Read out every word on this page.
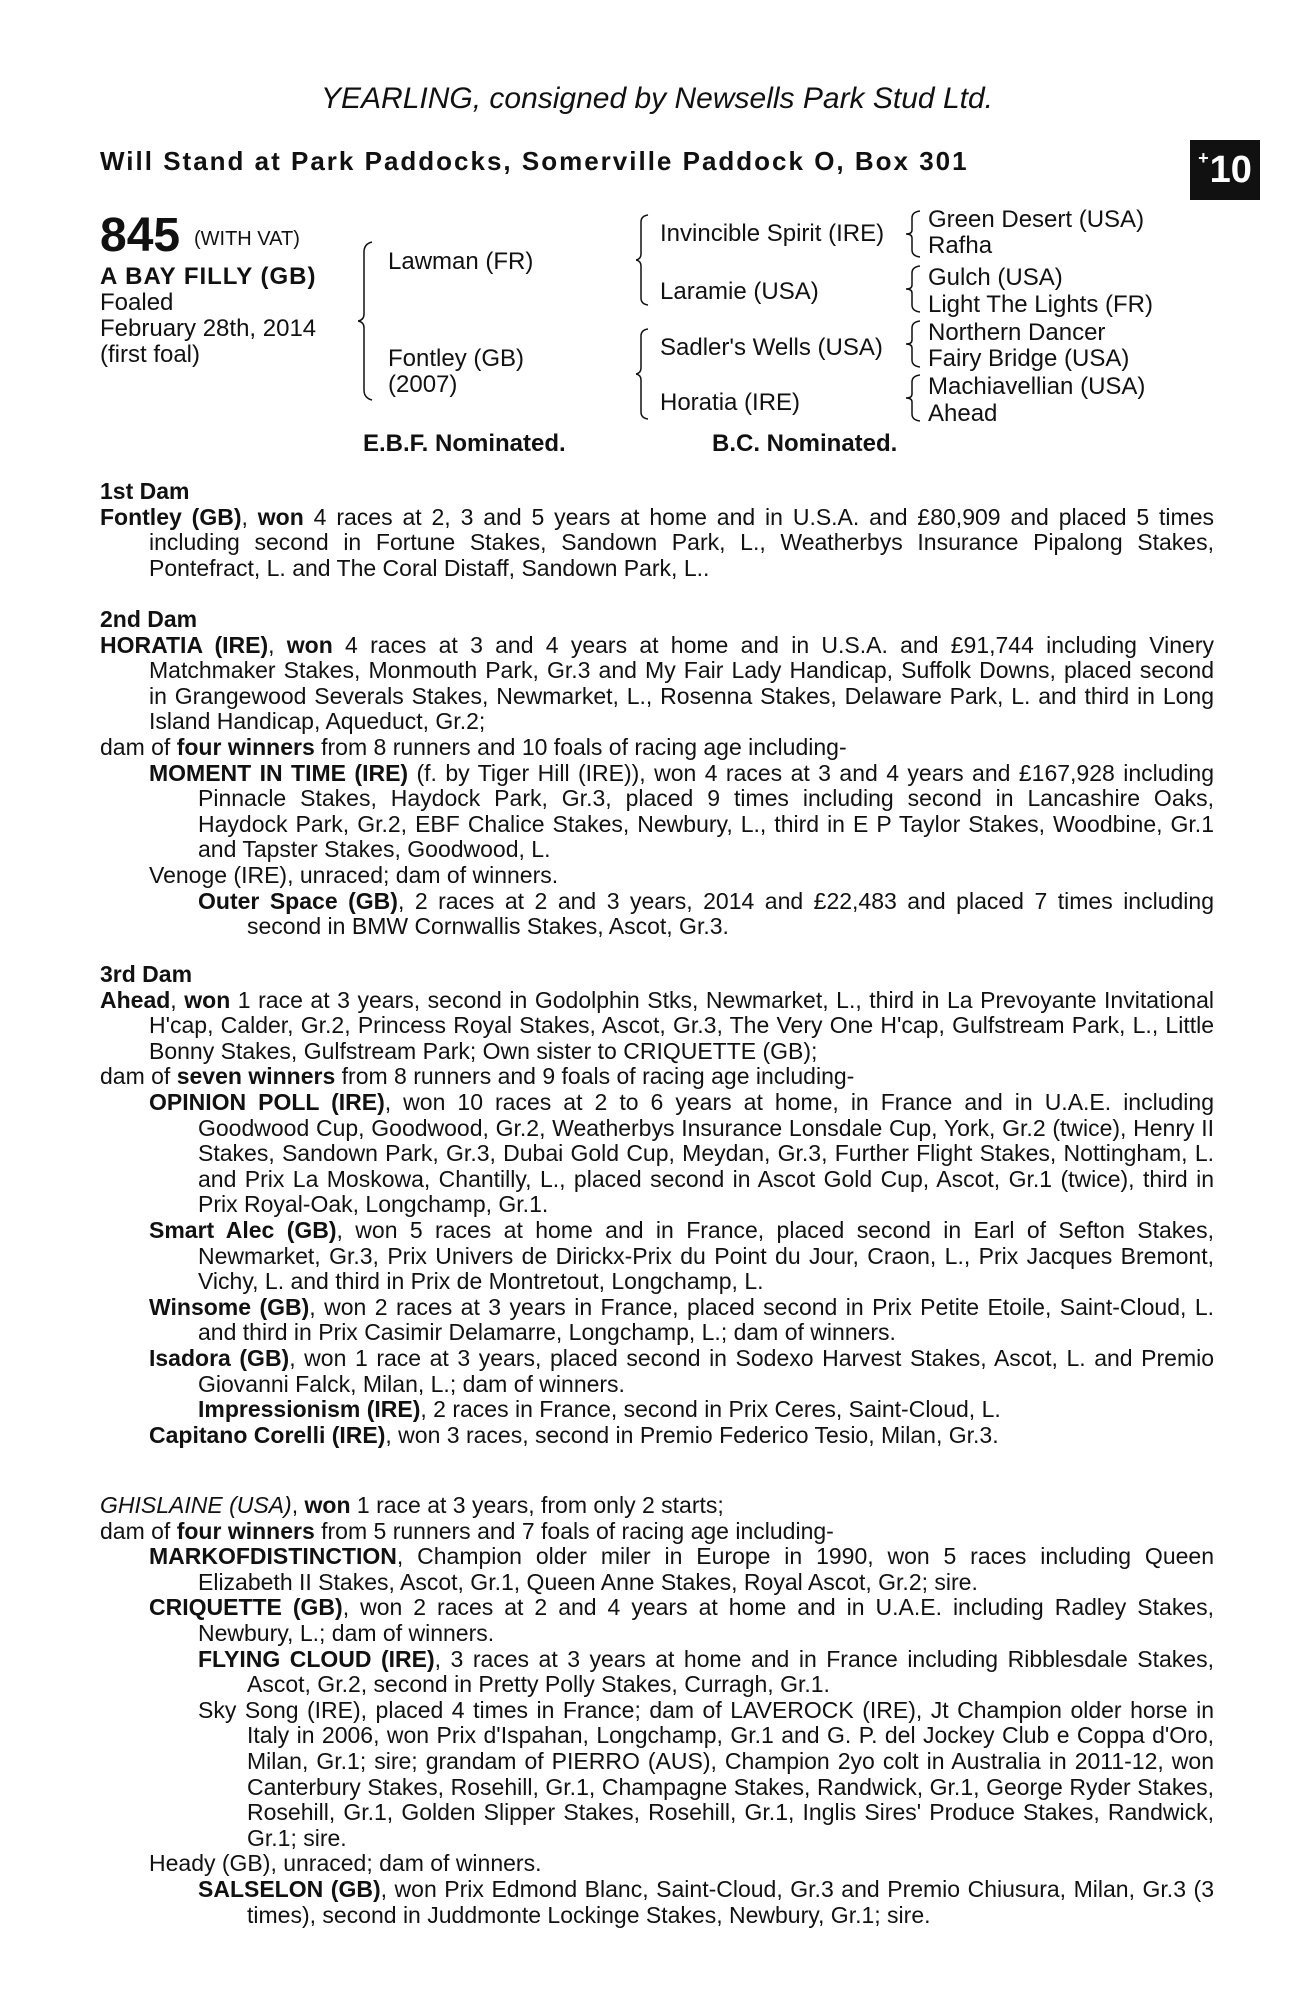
YEARLING, consigned by Newsells Park Stud Ltd.
Will Stand at Park Paddocks, Somerville Paddock O, Box 301	+ 10
845 (WITH VAT)
A BAY FILLY (GB)
Foaled
February 28th, 2014
(first foal)
Lawman (FR)
Fontley (GB)
(2007)
Invincible Spirit (IRE)
Laramie (USA)
Sadler's Wells (USA)
Horatia (IRE)
Green Desert (USA)
Rafha
Gulch (USA)
Light The Lights (FR)
Northern Dancer
Fairy Bridge (USA)
Machiavellian (USA)
Ahead
E.B.F. Nominated.	B.C. Nominated.
1st Dam

Fontley (GB), won 4 races at 2, 3 and 5 years at home and in U.S.A. and £80,909 and placed 5 times including second in Fortune Stakes, Sandown Park, L., Weatherbys Insurance Pipalong Stakes, Pontefract, L. and The Coral Distaff, Sandown Park, L..

2nd Dam

HORATIA (IRE), won 4 races at 3 and 4 years at home and in U.S.A. and £91,744 including Vinery Matchmaker Stakes, Monmouth Park, Gr.3 and My Fair Lady Handicap, Suffolk Downs, placed second in Grangewood Severals Stakes, Newmarket, L., Rosenna Stakes, Delaware Park, L. and third in Long Island Handicap, Aqueduct, Gr.2;

dam of four winners from 8 runners and 10 foals of racing age including-

MOMENT IN TIME (IRE) (f. by Tiger Hill (IRE)), won 4 races at 3 and 4 years and £167,928 including Pinnacle Stakes, Haydock Park, Gr.3, placed 9 times including second in Lancashire Oaks, Haydock Park, Gr.2, EBF Chalice Stakes, Newbury, L., third in E P Taylor Stakes, Woodbine, Gr.1 and Tapster Stakes, Goodwood, L.

Venoge (IRE), unraced; dam of winners.

Outer Space (GB), 2 races at 2 and 3 years, 2014 and £22,483 and placed 7 times including second in BMW Cornwallis Stakes, Ascot, Gr.3.

3rd Dam

Ahead, won 1 race at 3 years, second in Godolphin Stks, Newmarket, L., third in La Prevoyante Invitational H'cap, Calder, Gr.2, Princess Royal Stakes, Ascot, Gr.3, The Very One H'cap, Gulfstream Park, L., Little Bonny Stakes, Gulfstream Park; Own sister to CRIQUETTE (GB);

dam of seven winners from 8 runners and 9 foals of racing age including-

OPINION POLL (IRE), won 10 races at 2 to 6 years at home, in France and in U.A.E. including Goodwood Cup, Goodwood, Gr.2, Weatherbys Insurance Lonsdale Cup, York, Gr.2 (twice), Henry II Stakes, Sandown Park, Gr.3, Dubai Gold Cup, Meydan, Gr.3, Further Flight Stakes, Nottingham, L. and Prix La Moskowa, Chantilly, L., placed second in Ascot Gold Cup, Ascot, Gr.1 (twice), third in Prix Royal-Oak, Longchamp, Gr.1.

Smart Alec (GB), won 5 races at home and in France, placed second in Earl of Sefton Stakes, Newmarket, Gr.3, Prix Univers de Dirickx-Prix du Point du Jour, Craon, L., Prix Jacques Bremont, Vichy, L. and third in Prix de Montretout, Longchamp, L.

Winsome (GB), won 2 races at 3 years in France, placed second in Prix Petite Etoile, Saint-Cloud, L. and third in Prix Casimir Delamarre, Longchamp, L.; dam of winners.

Isadora (GB), won 1 race at 3 years, placed second in Sodexo Harvest Stakes, Ascot, L. and Premio Giovanni Falck, Milan, L.; dam of winners.

Impressionism (IRE), 2 races in France, second in Prix Ceres, Saint-Cloud, L.

Capitano Corelli (IRE), won 3 races, second in Premio Federico Tesio, Milan, Gr.3.

GHISLAINE (USA), won 1 race at 3 years, from only 2 starts;

dam of four winners from 5 runners and 7 foals of racing age including-

MARKOFDISTINCTION, Champion older miler in Europe in 1990, won 5 races including Queen Elizabeth II Stakes, Ascot, Gr.1, Queen Anne Stakes, Royal Ascot, Gr.2; sire.

CRIQUETTE (GB), won 2 races at 2 and 4 years at home and in U.A.E. including Radley Stakes, Newbury, L.; dam of winners.

FLYING CLOUD (IRE), 3 races at 3 years at home and in France including Ribblesdale Stakes, Ascot, Gr.2, second in Pretty Polly Stakes, Curragh, Gr.1.

Sky Song (IRE), placed 4 times in France; dam of LAVEROCK (IRE), Jt Champion older horse in Italy in 2006, won Prix d'Ispahan, Longchamp, Gr.1 and G. P. del Jockey Club e Coppa d'Oro, Milan, Gr.1; sire; grandam of PIERRO (AUS), Champion 2yo colt in Australia in 2011-12, won Canterbury Stakes, Rosehill, Gr.1, Champagne Stakes, Randwick, Gr.1, George Ryder Stakes, Rosehill, Gr.1, Golden Slipper Stakes, Rosehill, Gr.1, Inglis Sires' Produce Stakes, Randwick, Gr.1; sire.

Heady (GB), unraced; dam of winners.

SALSELON (GB), won Prix Edmond Blanc, Saint-Cloud, Gr.3 and Premio Chiusura, Milan, Gr.3 (3 times), second in Juddmonte Lockinge Stakes, Newbury, Gr.1; sire.
